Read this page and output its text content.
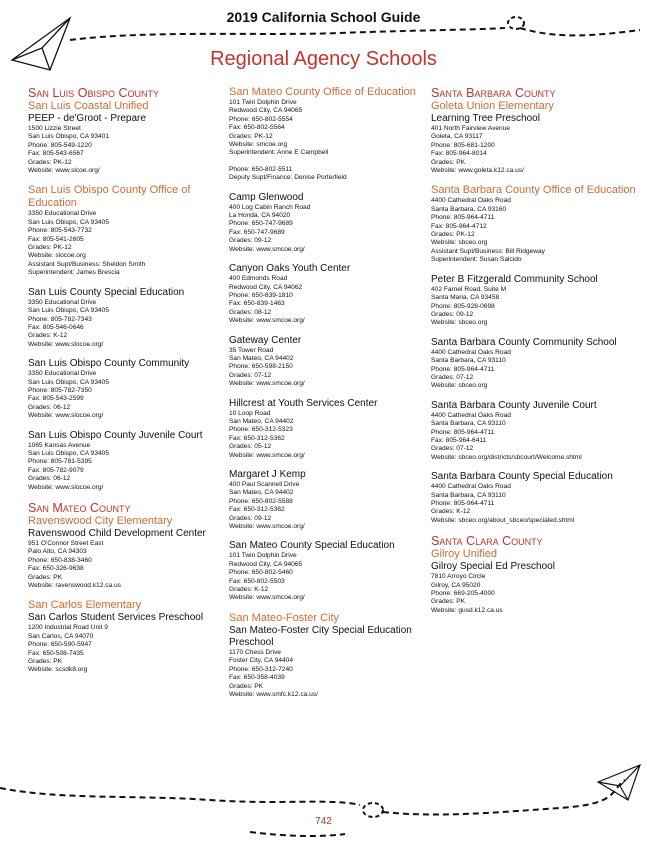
2019 California School Guide
Regional Agency Schools
San Luis Obispo County
San Luis Coastal Unified
PEEP - de'Groot - Prepare
1500 Lizzie Street
San Luis Obispo, CA 93401
Phone: 805-549-1220
Fax: 805-543-6567
Grades: PK-12
Website: www.slcoe.org/
San Luis Obispo County Office of Education
3350 Educational Drive
San Luis Obispo, CA 93405
Phone: 805-543-7732
Fax: 805-541-2605
Grades: PK-12
Website: slocoe.org
Assistant Supt/Business: Sheldon Smith
Superintendent: James Brescia
San Luis County Special Education
3350 Educational Drive
San Luis Obispo, CA 93405
Phone: 805-782-7343
Fax: 805-546-0646
Grades: K-12
Website: www.slocoe.org/
San Luis Obispo County Community
3350 Educational Drive
San Luis Obispo, CA 93405
Phone: 805-782-7350
Fax: 805-543-2599
Grades: 06-12
Website: www.slocoe.org/
San Luis Obispo County Juvenile Court
1065 Kansas Avenue
San Luis Obispo, CA 93405
Phone: 805-781-5395
Fax: 805-782-9079
Grades: 06-12
Website: www.slocoe.org/
San Mateo County
Ravenswood City Elementary
Ravenswood Child Development Center
951 O'Connor Street East
Palo Alto, CA 94303
Phone: 650-838-3460
Fax: 650-326-9638
Grades: PK
Website: ravenswood.k12.ca.us
San Carlos Elementary
San Carlos Student Services Preschool
1200 Industrial Road Unit 9
San Carlos, CA 94070
Phone: 650-590-5947
Fax: 650-508-7435
Grades: PK
Website: scsdk8.org
San Mateo County Office of Education
101 Twin Dolphin Drive
Redwood City, CA 94065
Phone: 650-802-5554
Fax: 650-802-5564
Grades: PK-12
Website: smcoe.org
Superintendent: Anne E Campbell
Phone: 650-802-5511
Deputy Supt/Finance: Denise Porterfield
Camp Glenwood
400 Log Cabin Ranch Road
La Honda, CA 94020
Phone: 650-747-9689
Fax: 650-747-9689
Grades: 09-12
Website: www.smcoe.org/
Canyon Oaks Youth Center
400 Edmonds Road
Redwood City, CA 94062
Phone: 650-839-1810
Fax: 650-839-1463
Grades: 08-12
Website: www.smcoe.org/
Gateway Center
35 Tower Road
San Mateo, CA 94402
Phone: 650-598-2150
Grades: 07-12
Website: www.smcoe.org/
Hillcrest at Youth Services Center
10 Loop Road
San Mateo, CA 94402
Phone: 650-312-5323
Fax: 650-312-5362
Grades: 05-12
Website: www.smcoe.org/
Margaret J Kemp
400 Paul Scannell Drive
San Mateo, CA 94402
Phone: 650-802-5588
Fax: 650-312-5362
Grades: 09-12
Website: www.smcoe.org/
San Mateo County Special Education
101 Twin Dolphin Drive
Redwood City, CA 94065
Phone: 650-802-5460
Fax: 650-802-5503
Grades: K-12
Website: www.smcoe.org/
San Mateo-Foster City
San Mateo-Foster City Special Education Preschool
1170 Chess Drive
Foster City, CA 94404
Phone: 650-312-7240
Fax: 650-358-4039
Grades: PK
Website: www.smfc.k12.ca.us/
Santa Barbara County
Goleta Union Elementary
Learning Tree Preschool
401 North Fairview Avenue
Goleta, CA 93117
Phone: 805-681-1200
Fax: 805-964-8014
Grades: PK
Website: www.goleta.k12.ca.us/
Santa Barbara County Office of Education
4400 Cathedral Oaks Road
Santa Barbara, CA 93160
Phone: 805-964-4711
Fax: 805-964-4712
Grades: PK-12
Website: sbceo.org
Assistant Supt/Business: Bill Ridgeway
Superintendent: Susan Salcido
Peter B Fitzgerald Community School
402 Farnel Road, Suite M
Santa Maria, CA 93458
Phone: 805-928-0698
Grades: 09-12
Website: sbceo.org
Santa Barbara County Community School
4400 Cathedral Oaks Road
Santa Barbara, CA 93110
Phone: 805-964-4711
Grades: 07-12
Website: sbceo.org
Santa Barbara County Juvenile Court
4400 Cathedral Oaks Road
Santa Barbara, CA 93110
Phone: 805-964-4711
Fax: 805-964-6411
Grades: 07-12
Website: sbceo.org/districts/sbcourt/Welcome.shtml
Santa Barbara County Special Education
4400 Cathedral Oaks Road
Santa Barbara, CA 93110
Phone: 805-964-4711
Grades: K-12
Website: sbceo.org/about_sbceo/specialed.shtml
Santa Clara County
Gilroy Unified
Gilroy Special Ed Preschool
7810 Arroyo Circle
Gilroy, CA 95020
Phone: 669-205-4000
Grades: PK
Website: gusd.k12.ca.us
742
